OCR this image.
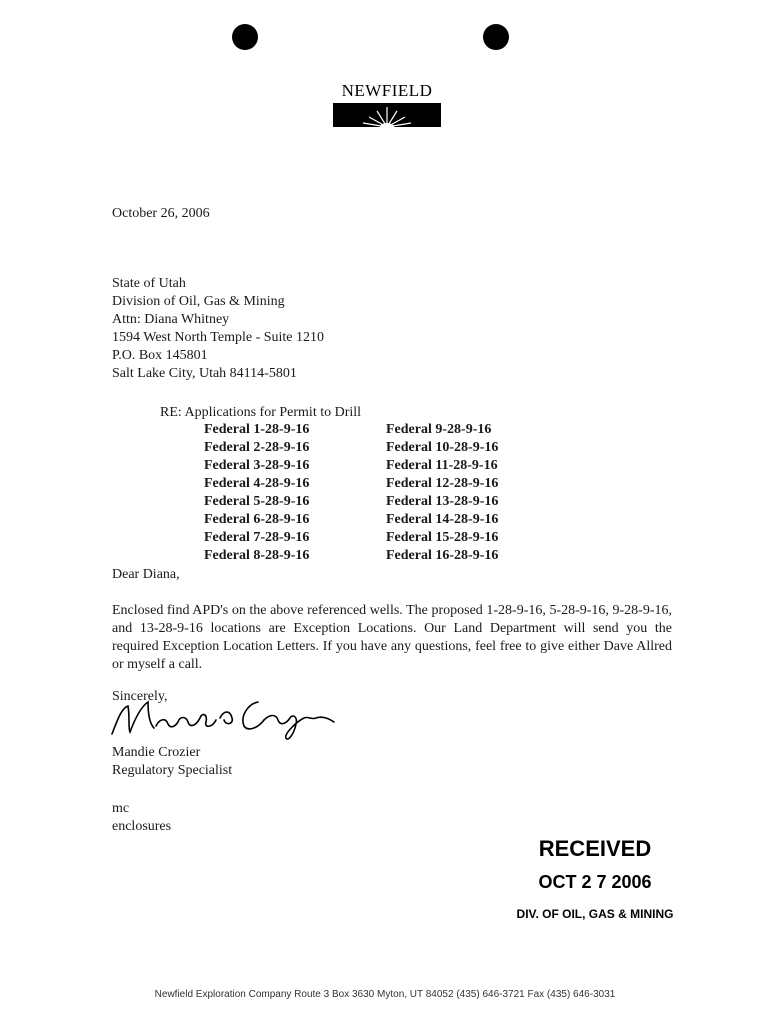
NEWFIELD
October 26, 2006
State of Utah
Division of Oil, Gas & Mining
Attn: Diana Whitney
1594 West North Temple - Suite 1210
P.O. Box 145801
Salt Lake City, Utah 84114-5801
RE: Applications for Permit to Drill
Federal 1-28-9-16
Federal 2-28-9-16
Federal 3-28-9-16
Federal 4-28-9-16
Federal 5-28-9-16
Federal 6-28-9-16
Federal 7-28-9-16
Federal 8-28-9-16
Federal 9-28-9-16
Federal 10-28-9-16
Federal 11-28-9-16
Federal 12-28-9-16
Federal 13-28-9-16
Federal 14-28-9-16
Federal 15-28-9-16
Federal 16-28-9-16
Dear Diana,
Enclosed find APD's on the above referenced wells. The proposed 1-28-9-16, 5-28-9-16, 9-28-9-16, and 13-28-9-16 locations are Exception Locations. Our Land Department will send you the required Exception Location Letters. If you have any questions, feel free to give either Dave Allred or myself a call.
Sincerely,
Mandie Crozier
Regulatory Specialist
mc
enclosures
RECEIVED
OCT 2 7 2006
DIV. OF OIL, GAS & MINING
Newfield Exploration Company Route 3 Box 3630 Myton, UT 84052 (435) 646-3721 Fax (435) 646-3031
